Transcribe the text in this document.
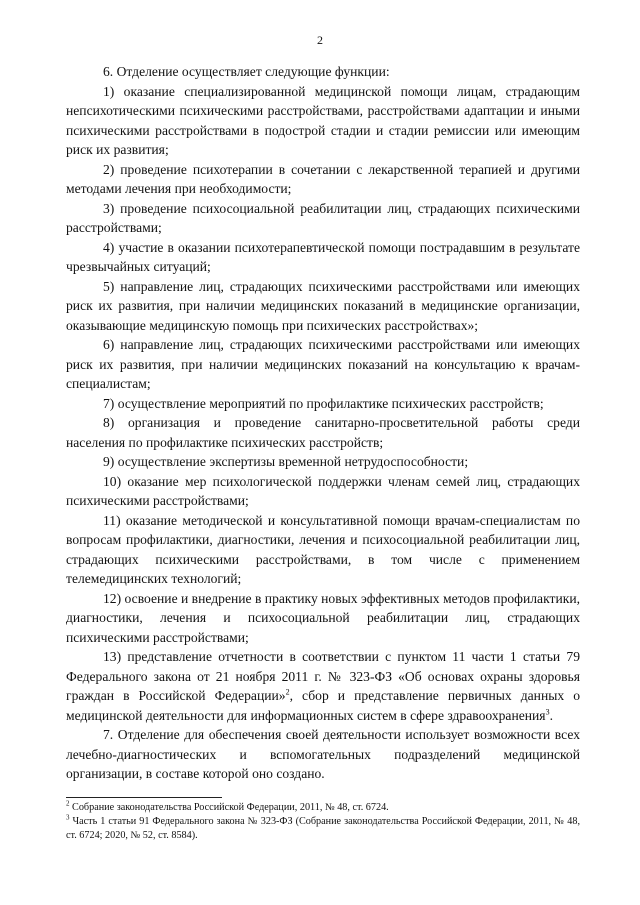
2

6. Отделение осуществляет следующие функции:

1) оказание специализированной медицинской помощи лицам, страдающим непсихотическими психическими расстройствами, расстройствами адаптации и иными психическими расстройствами в подострой стадии и стадии ремиссии или имеющим риск их развития;

2) проведение психотерапии в сочетании с лекарственной терапией и другими методами лечения при необходимости;

3) проведение психосоциальной реабилитации лиц, страдающих психическими расстройствами;

4) участие в оказании психотерапевтической помощи пострадавшим в результате чрезвычайных ситуаций;

5) направление лиц, страдающих психическими расстройствами или имеющих риск их развития, при наличии медицинских показаний в медицинские организации, оказывающие медицинскую помощь при психических расстройствах»;

6) направление лиц, страдающих психическими расстройствами или имеющих риск их развития, при наличии медицинских показаний на консультацию к врачам-специалистам;

7) осуществление мероприятий по профилактике психических расстройств;

8) организация и проведение санитарно-просветительной работы среди населения по профилактике психических расстройств;

9) осуществление экспертизы временной нетрудоспособности;

10) оказание мер психологической поддержки членам семей лиц, страдающих психическими расстройствами;

11) оказание методической и консультативной помощи врачам-специалистам по вопросам профилактики, диагностики, лечения и психосоциальной реабилитации лиц, страдающих психическими расстройствами, в том числе с применением телемедицинских технологий;

12) освоение и внедрение в практику новых эффективных методов профилактики, диагностики, лечения и психосоциальной реабилитации лиц, страдающих психическими расстройствами;

13) представление отчетности в соответствии с пунктом 11 части 1 статьи 79 Федерального закона от 21 ноября 2011 г. № 323-ФЗ «Об основах охраны здоровья граждан в Российской Федерации»$^2$, сбор и представление первичных данных о медицинской деятельности для информационных систем в сфере здравоохранения$^3$.

7. Отделение для обеспечения своей деятельности использует возможности всех лечебно-диагностических и вспомогательных подразделений медицинской организации, в составе которой оно создано.

$^2$ Собрание законодательства Российской Федерации, 2011, № 48, ст. 6724.

$^3$ Часть 1 статьи 91 Федерального закона № 323-ФЗ (Собрание законодательства Российской Федерации, 2011, № 48, ст. 6724; 2020, № 52, ст. 8584).
